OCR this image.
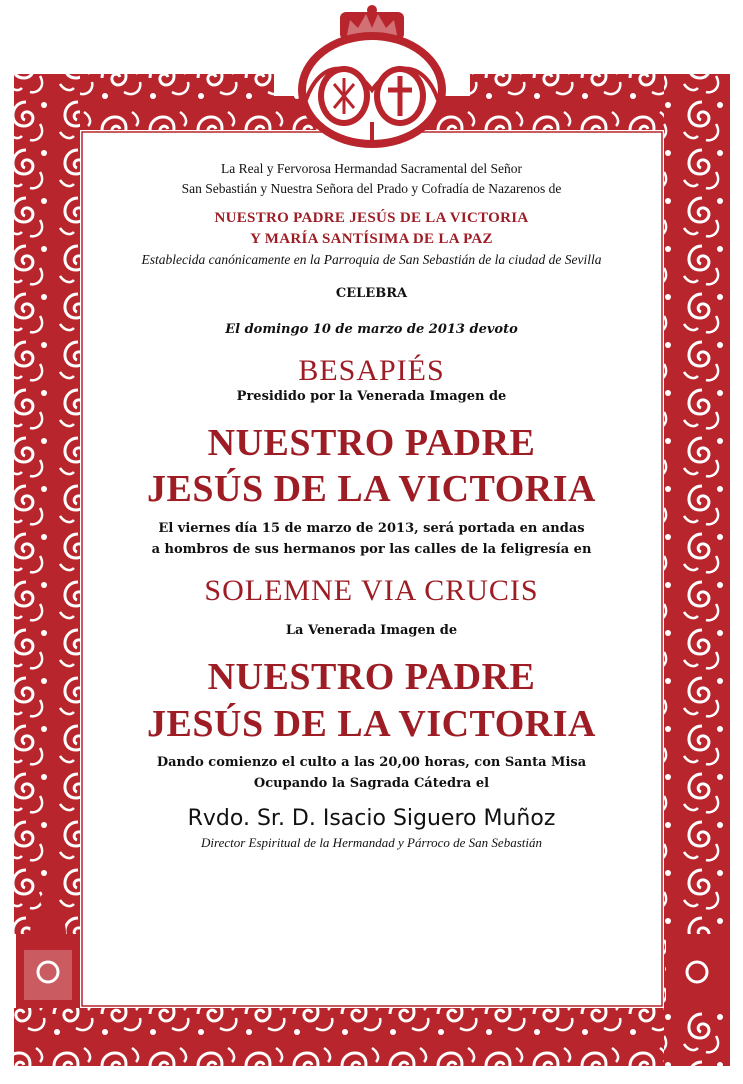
La Real y Fervorosa Hermandad Sacramental del Señor

San Sebastián y Nuestra Señora del Prado y Cofradía de Nazarenos de

NUESTRO PADRE JESÚS DE LA VICTORIA

Y MARÍA SANTÍSIMA DE LA PAZ

Establecida canónicamente en la Parroquia de San Sebastián de la ciudad de Sevilla

CELEBRA

El domingo 10 de marzo de 2013 devoto

BESAPIÉS

Presidido por la Venerada Imagen de

NUESTRO PADRE

JESÚS DE LA VICTORIA

El viernes día 15 de marzo de 2013, será portada en andas

a hombros de sus hermanos por las calles de la feligresía en

SOLEMNE VIA CRUCIS

La Venerada Imagen de

NUESTRO PADRE

JESÚS DE LA VICTORIA

Dando comienzo el culto a las 20,00 horas, con Santa Misa

Ocupando la Sagrada Cátedra el

Rvdo. Sr. D. Isacio Siguero Muñoz

Director Espiritual de la Hermandad y Párroco de San Sebastián
